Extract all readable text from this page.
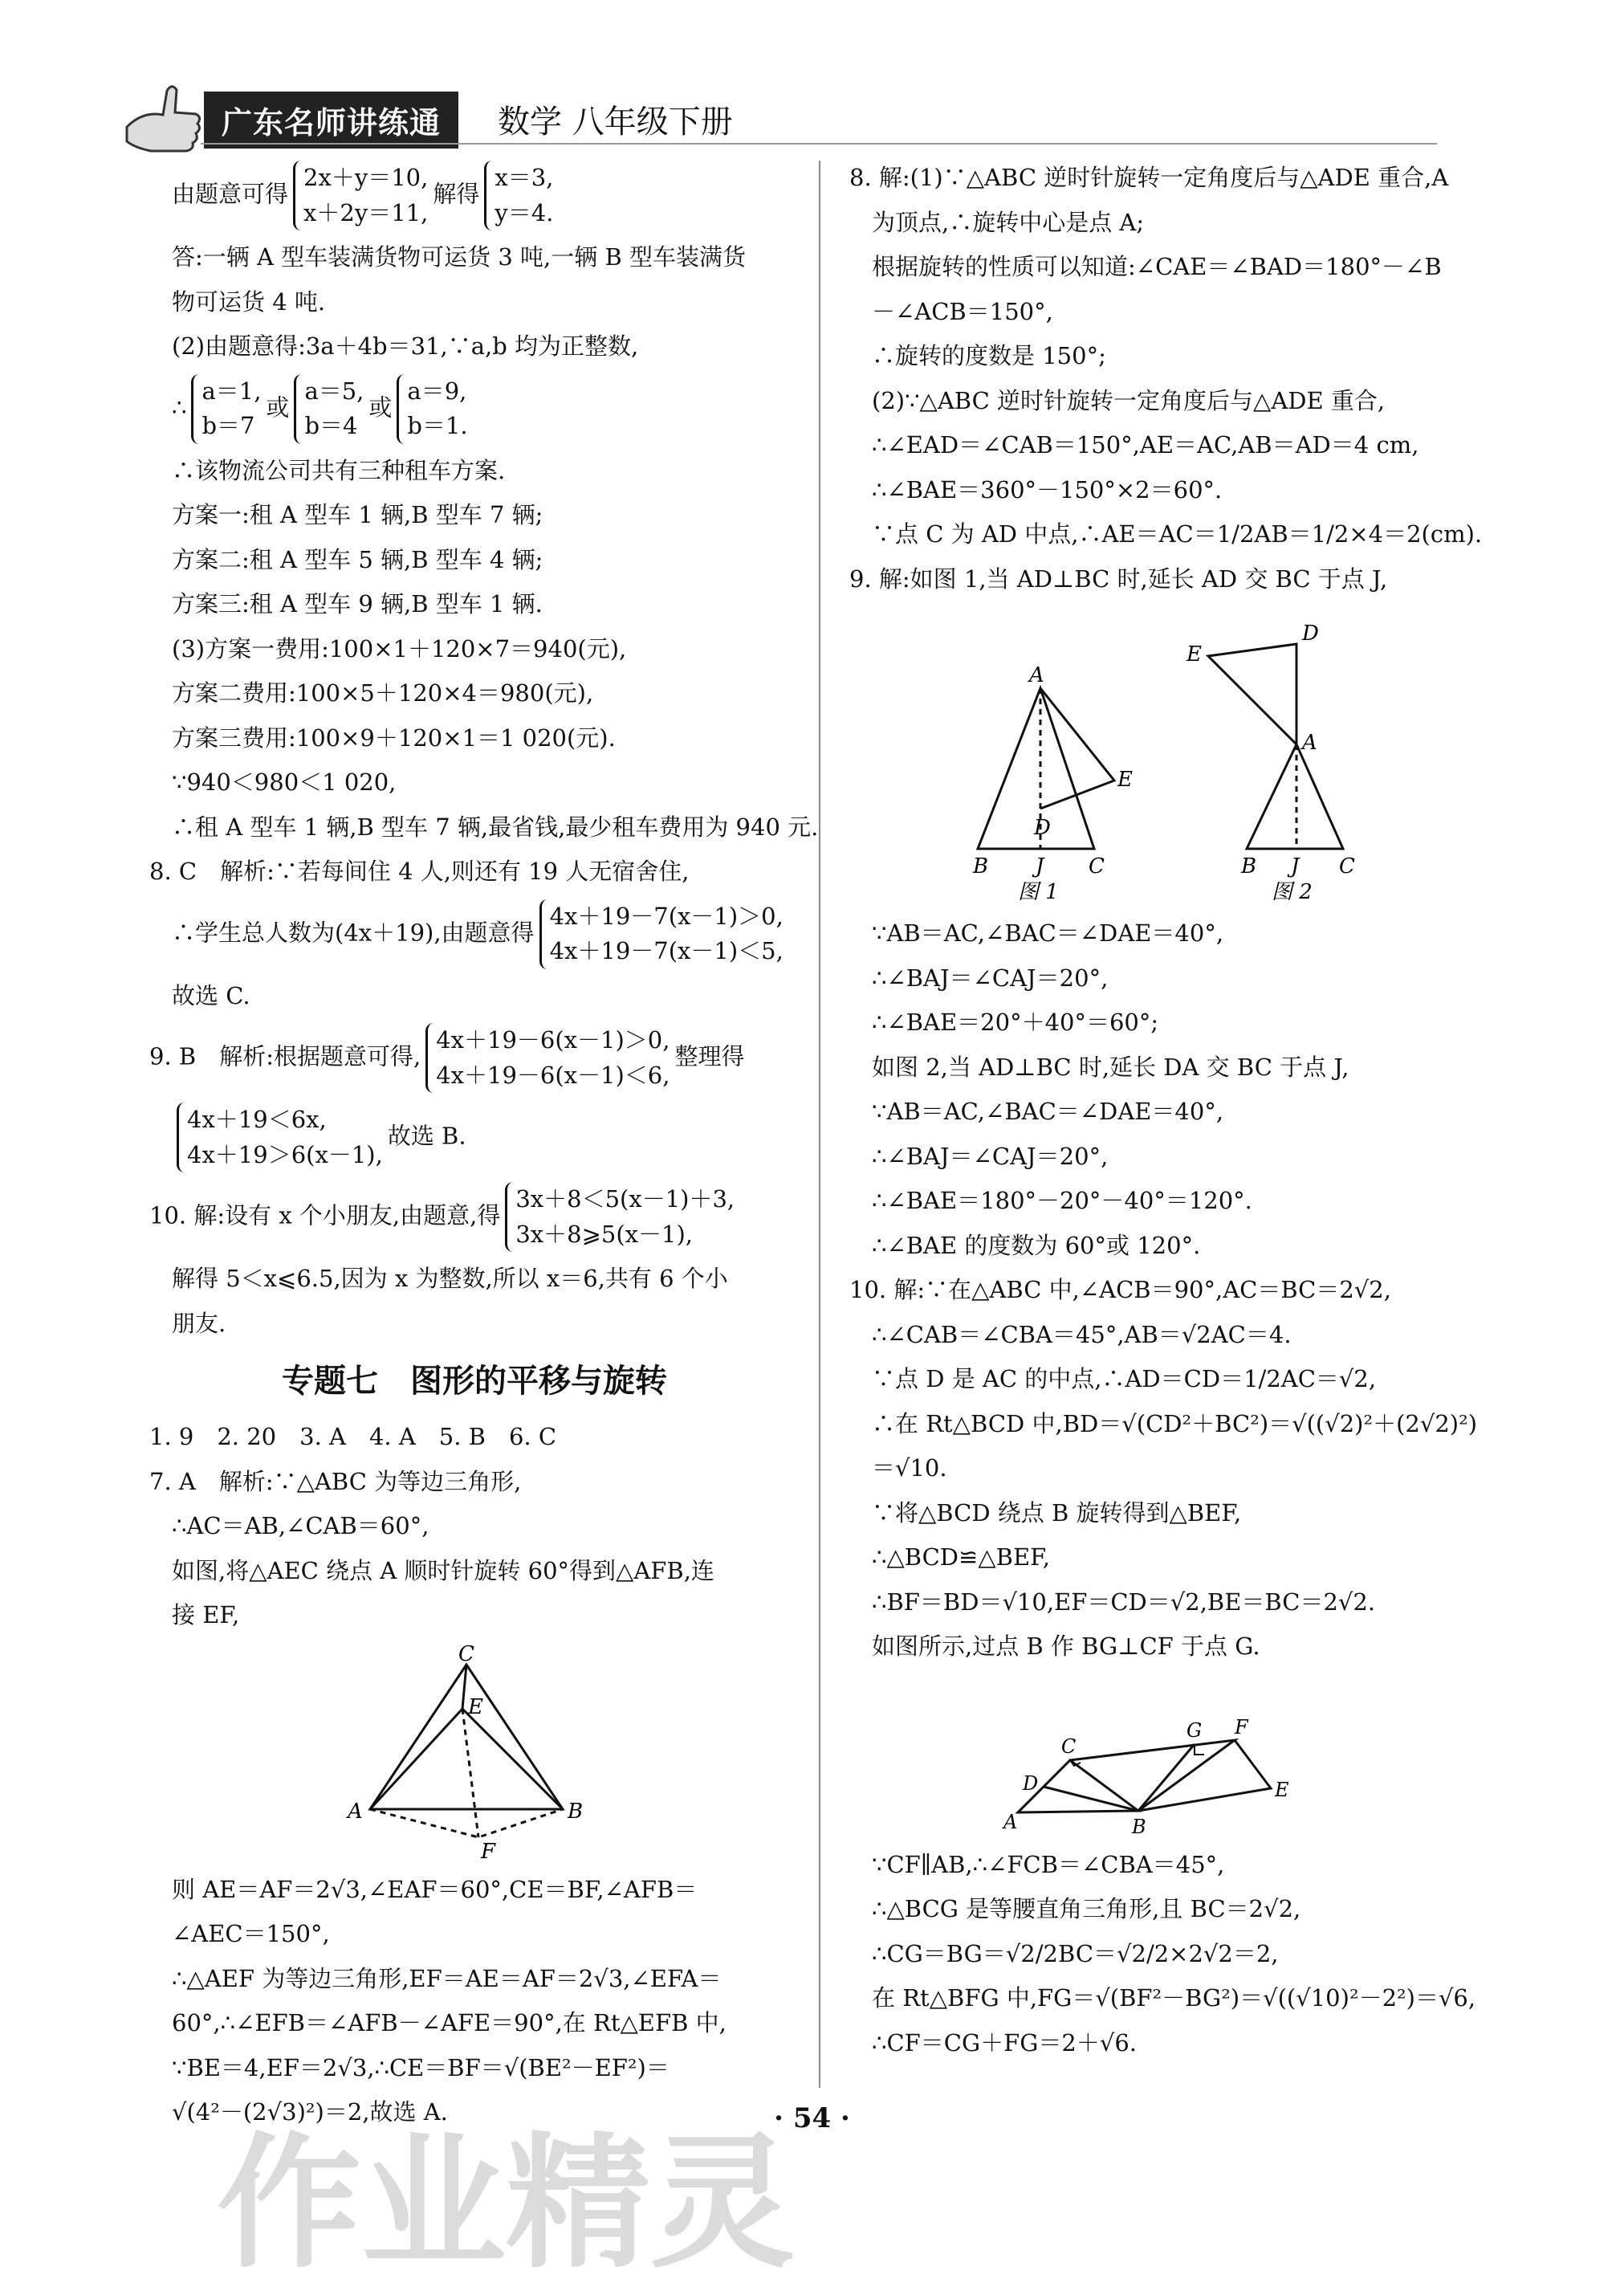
广东名师讲练通	数学 八年级下册
由题意可得
2x＋y＝10,
x＋2y＝11,
解得
x＝3,
y＝4.
答:一辆 A 型车装满货物可运货 3 吨,一辆 B 型车装满货
物可运货 4 吨.
(2)由题意得:3a＋4b＝31,∵a,b 均为正整数,
∴
a＝1,
b＝7
或
a＝5,
b＝4
或
a＝9,
b＝1.
∴该物流公司共有三种租车方案.
方案一:租 A 型车 1 辆,B 型车 7 辆;
方案二:租 A 型车 5 辆,B 型车 4 辆;
方案三:租 A 型车 9 辆,B 型车 1 辆.
(3)方案一费用:100×1＋120×7＝940(元),
方案二费用:100×5＋120×4＝980(元),
方案三费用:100×9＋120×1＝1 020(元).
∵940＜980＜1 020,
∴租 A 型车 1 辆,B 型车 7 辆,最省钱,最少租车费用为 940 元.
8. C　解析:∵若每间住 4 人,则还有 19 人无宿舍住,
∴学生总人数为(4x＋19),由题意得
4x＋19－7(x－1)＞0,
4x＋19－7(x－1)＜5,
故选 C.
9. B　解析:根据题意可得,
4x＋19－6(x－1)＞0,
4x＋19－6(x－1)＜6,
整理得
4x＋19＜6x,
4x＋19＞6(x－1),
故选 B.
10. 解:设有 x 个小朋友,由题意,得
3x＋8＜5(x－1)＋3,
3x＋8⩾5(x－1),
解得 5＜x⩽6.5,因为 x 为整数,所以 x＝6,共有 6 个小
朋友.
专题七　图形的平移与旋转
1. 9　2. 20　3. A　4. A　5. B　6. C
7. A　解析:∵△ABC 为等边三角形,
∴AC＝AB,∠CAB＝60°,
如图,将△AEC 绕点 A 顺时针旋转 60°得到△AFB,连
接 EF,
C
E
A	B
F
则 AE＝AF＝2√3,∠EAF＝60°,CE＝BF,∠AFB＝
∠AEC＝150°,
∴△AEF 为等边三角形,EF＝AE＝AF＝2√3,∠EFA＝
60°,∴∠EFB＝∠AFB－∠AFE＝90°,在 Rt△EFB 中,
∵BE＝4,EF＝2√3,∴CE＝BF＝√(BE²－EF²)＝
√(4²－(2√3)²)＝2,故选 A.
8. 解:(1)∵△ABC 逆时针旋转一定角度后与△ADE 重合,A
为顶点,∴旋转中心是点 A;
根据旋转的性质可以知道:∠CAE＝∠BAD＝180°－∠B
－∠ACB＝150°,
∴旋转的度数是 150°;
(2)∵△ABC 逆时针旋转一定角度后与△ADE 重合,
∴∠EAD＝∠CAB＝150°,AE＝AC,AB＝AD＝4 cm,
∴∠BAE＝360°－150°×2＝60°.
∵点 C 为 AD 中点,∴AE＝AC＝1/2AB＝1/2×4＝2(cm).
9. 解:如图 1,当 AD⊥BC 时,延长 AD 交 BC 于点 J,
A
B J C
D
E
图 1
A
B J C
D
E
图 2
∵AB＝AC,∠BAC＝∠DAE＝40°,
∴∠BAJ＝∠CAJ＝20°,
∴∠BAE＝20°＋40°＝60°;
如图 2,当 AD⊥BC 时,延长 DA 交 BC 于点 J,
∵AB＝AC,∠BAC＝∠DAE＝40°,
∴∠BAJ＝∠CAJ＝20°,
∴∠BAE＝180°－20°－40°＝120°.
∴∠BAE 的度数为 60°或 120°.
10. 解:∵在△ABC 中,∠ACB＝90°,AC＝BC＝2√2,
∴∠CAB＝∠CBA＝45°,AB＝√2AC＝4.
∵点 D 是 AC 的中点,∴AD＝CD＝1/2AC＝√2,
∴在 Rt△BCD 中,BD＝√(CD²＋BC²)＝√((√2)²＋(2√2)²)
＝√10.
∵将△BCD 绕点 B 旋转得到△BEF,
∴△BCD≌△BEF,
∴BF＝BD＝√10,EF＝CD＝√2,BE＝BC＝2√2.
如图所示,过点 B 作 BG⊥CF 于点 G.
A	B
C
D	E
F
G
∵CF∥AB,∴∠FCB＝∠CBA＝45°,
∴△BCG 是等腰直角三角形,且 BC＝2√2,
∴CG＝BG＝√2/2BC＝√2/2×2√2＝2,
在 Rt△BFG 中,FG＝√(BF²－BG²)＝√((√10)²－2²)＝√6,
∴CF＝CG＋FG＝2＋√6.
· 54 ·
作业精灵
